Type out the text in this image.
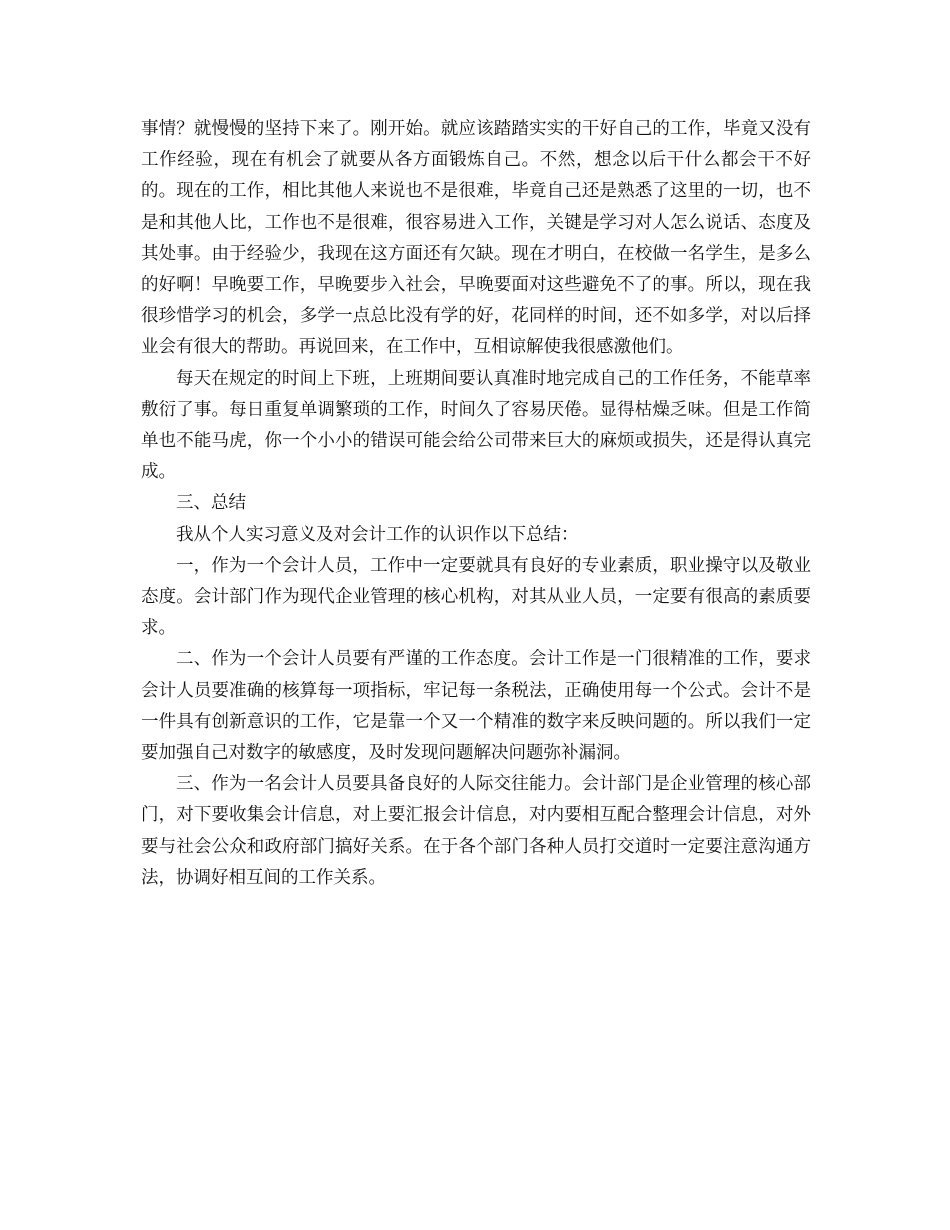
事情？就慢慢的坚持下来了。刚开始。就应该踏踏实实的干好自己的工作，毕竟又没有工作经验，现在有机会了就要从各方面锻炼自己。不然，想念以后干什么都会干不好的。现在的工作，相比其他人来说也不是很难，毕竟自己还是熟悉了这里的一切，也不是和其他人比，工作也不是很难，很容易进入工作，关键是学习对人怎么说话、态度及其处事。由于经验少，我现在这方面还有欠缺。现在才明白，在校做一名学生，是多么的好啊！早晚要工作，早晚要步入社会，早晚要面对这些避免不了的事。所以，现在我很珍惜学习的机会，多学一点总比没有学的好，花同样的时间，还不如多学，对以后择业会有很大的帮助。再说回来，在工作中，互相谅解使我很感激他们。

每天在规定的时间上下班，上班期间要认真准时地完成自己的工作任务，不能草率敷衍了事。每日重复单调繁琐的工作，时间久了容易厌倦。显得枯燥乏味。但是工作简单也不能马虎，你一个小小的错误可能会给公司带来巨大的麻烦或损失，还是得认真完成。

三、总结

我从个人实习意义及对会计工作的认识作以下总结：

一，作为一个会计人员，工作中一定要就具有良好的专业素质，职业操守以及敬业态度。会计部门作为现代企业管理的核心机构，对其从业人员，一定要有很高的素质要求。

二、作为一个会计人员要有严谨的工作态度。会计工作是一门很精准的工作，要求会计人员要准确的核算每一项指标，牢记每一条税法，正确使用每一个公式。会计不是一件具有创新意识的工作，它是靠一个又一个精准的数字来反映问题的。所以我们一定要加强自己对数字的敏感度，及时发现问题解决问题弥补漏洞。

三、作为一名会计人员要具备良好的人际交往能力。会计部门是企业管理的核心部门，对下要收集会计信息，对上要汇报会计信息，对内要相互配合整理会计信息，对外要与社会公众和政府部门搞好关系。在于各个部门各种人员打交道时一定要注意沟通方法，协调好相互间的工作关系。
